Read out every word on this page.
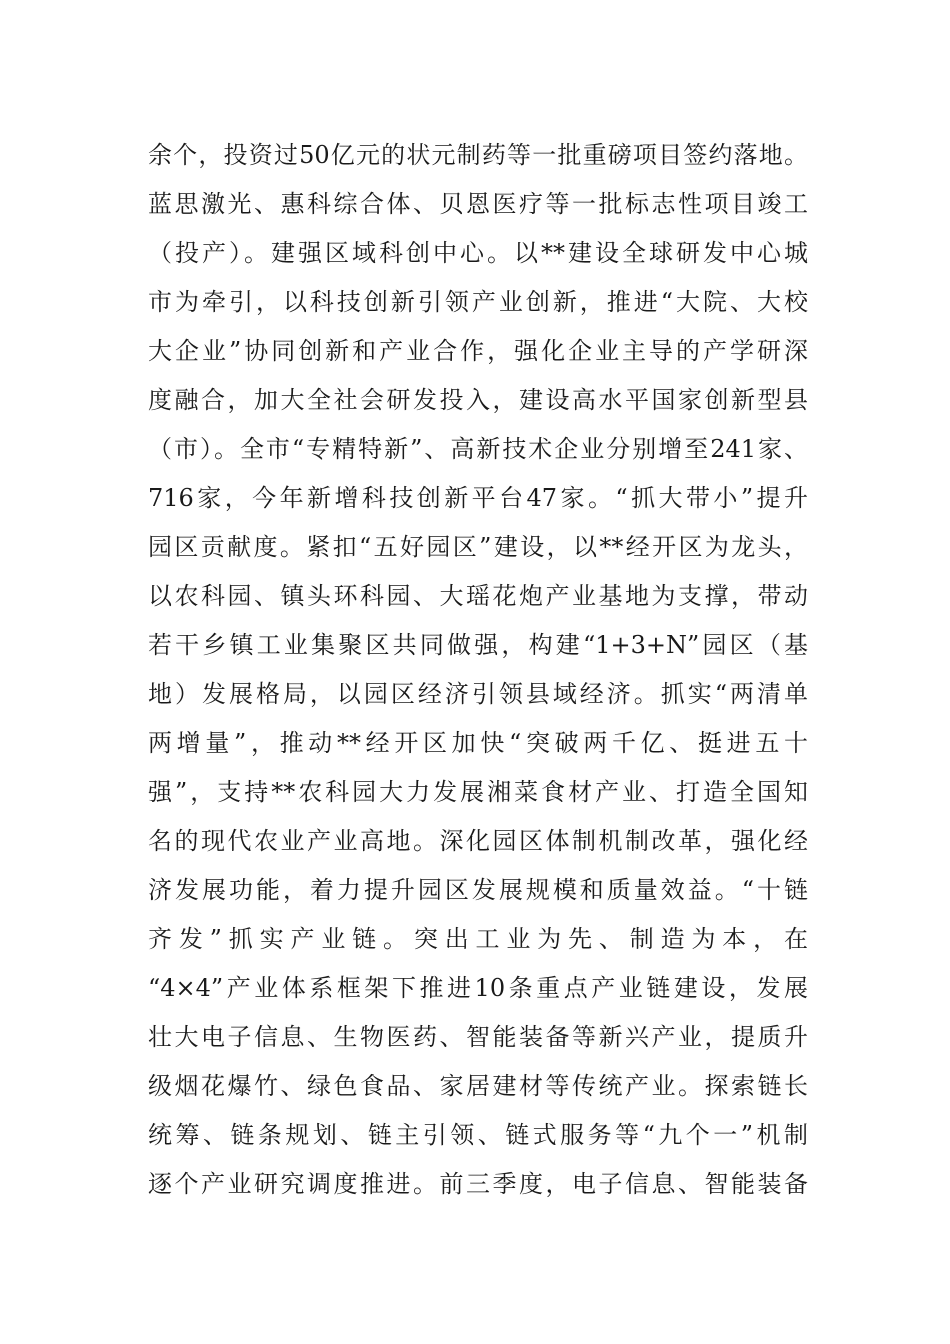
余个，投资过50亿元的状元制药等一批重磅项目签约落地。
蓝思激光、惠科综合体、贝恩医疗等一批标志性项目竣工
（投产）。建强区域科创中心。以**建设全球研发中心城
市为牵引，以科技创新引领产业创新，推进“大院、大校
大企业”协同创新和产业合作，强化企业主导的产学研深
度融合，加大全社会研发投入，建设高水平国家创新型县
（市）。全市“专精特新”、高新技术企业分别增至241家、
716家，今年新增科技创新平台47家。“抓大带小”提升
园区贡献度。紧扣“五好园区”建设，以**经开区为龙头，
以农科园、镇头环科园、大瑶花炮产业基地为支撑，带动
若干乡镇工业集聚区共同做强，构建“1+3+N”园区（基
地）发展格局，以园区经济引领县域经济。抓实“两清单
两增量”，推动**经开区加快“突破两千亿、挺进五十
强”，支持**农科园大力发展湘菜食材产业、打造全国知
名的现代农业产业高地。深化园区体制机制改革，强化经
济发展功能，着力提升园区发展规模和质量效益。“十链
齐发”抓实产业链。突出工业为先、制造为本，在
“4×4”产业体系框架下推进10条重点产业链建设，发展
壮大电子信息、生物医药、智能装备等新兴产业，提质升
级烟花爆竹、绿色食品、家居建材等传统产业。探索链长
统筹、链条规划、链主引领、链式服务等“九个一”机制
逐个产业研究调度推进。前三季度，电子信息、智能装备
